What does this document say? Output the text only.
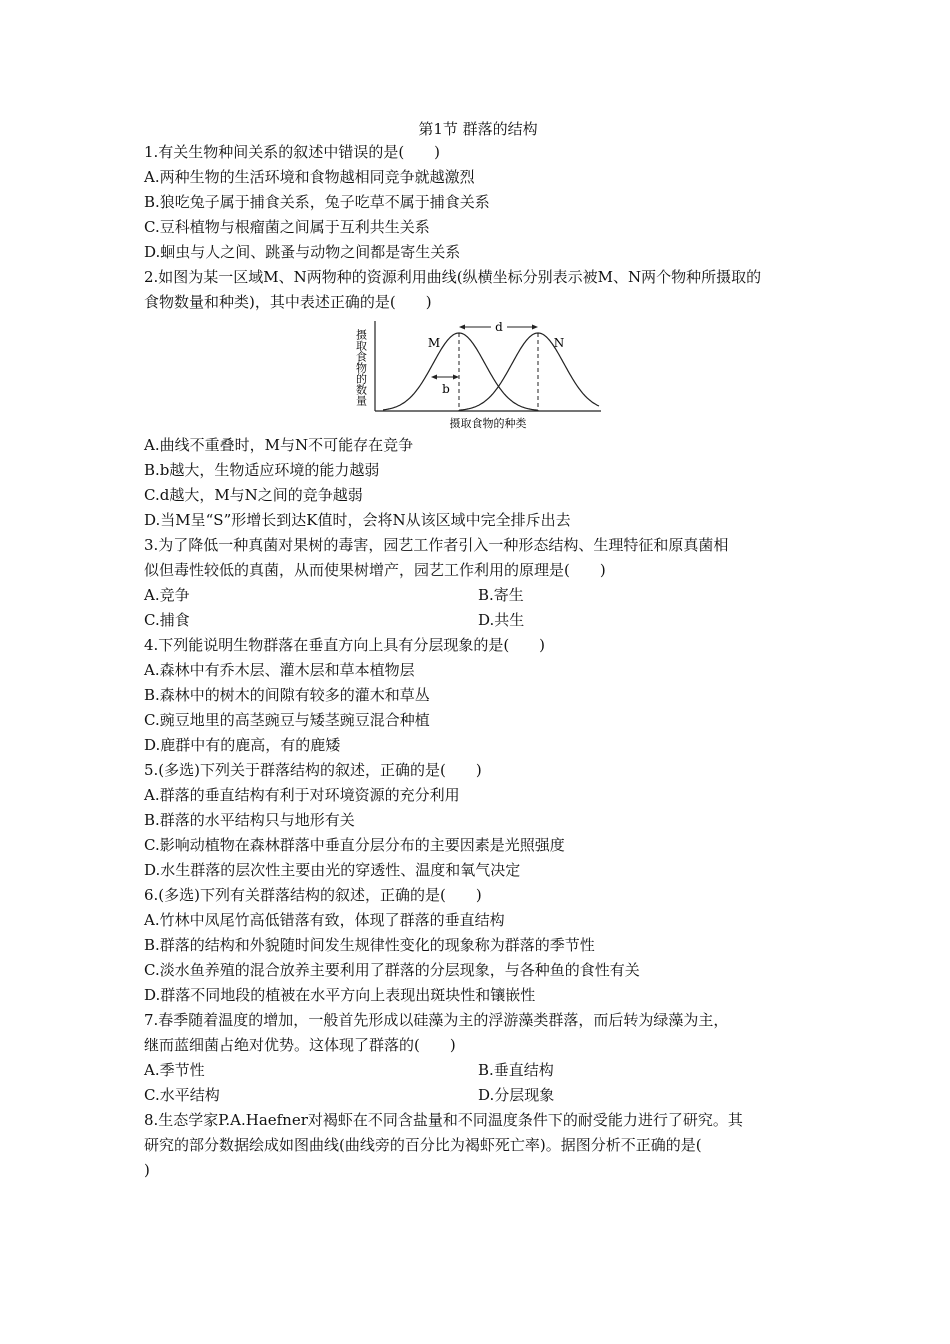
第1节 群落的结构
1.有关生物种间关系的叙述中错误的是(　　)
A.两种生物的生活环境和食物越相同竞争就越激烈
B.狼吃兔子属于捕食关系，兔子吃草不属于捕食关系
C.豆科植物与根瘤菌之间属于互利共生关系
D.蛔虫与人之间、跳蚤与动物之间都是寄生关系
2.如图为某一区域M、N两物种的资源利用曲线(纵横坐标分别表示被M、N两个物种所摄取的
食物数量和种类)，其中表述正确的是(　　)
摄取食物的数量
d
b
M	N
摄取食物的种类
A.曲线不重叠时，M与N不可能存在竞争
B.b越大，生物适应环境的能力越弱
C.d越大，M与N之间的竞争越弱
D.当M呈“S”形增长到达K值时，会将N从该区域中完全排斥出去
3.为了降低一种真菌对果树的毒害，园艺工作者引入一种形态结构、生理特征和原真菌相
似但毒性较低的真菌，从而使果树增产，园艺工作利用的原理是(　　)
A.竞争	B.寄生
C.捕食	D.共生
4.下列能说明生物群落在垂直方向上具有分层现象的是(　　)
A.森林中有乔木层、灌木层和草本植物层
B.森林中的树木的间隙有较多的灌木和草丛
C.豌豆地里的高茎豌豆与矮茎豌豆混合种植
D.鹿群中有的鹿高，有的鹿矮
5.(多选)下列关于群落结构的叙述，正确的是(　　)
A.群落的垂直结构有利于对环境资源的充分利用
B.群落的水平结构只与地形有关
C.影响动植物在森林群落中垂直分层分布的主要因素是光照强度
D.水生群落的层次性主要由光的穿透性、温度和氧气决定
6.(多选)下列有关群落结构的叙述，正确的是(　　)
A.竹林中凤尾竹高低错落有致，体现了群落的垂直结构
B.群落的结构和外貌随时间发生规律性变化的现象称为群落的季节性
C.淡水鱼养殖的混合放养主要利用了群落的分层现象，与各种鱼的食性有关
D.群落不同地段的植被在水平方向上表现出斑块性和镶嵌性
7.春季随着温度的增加，一般首先形成以硅藻为主的浮游藻类群落，而后转为绿藻为主，
继而蓝细菌占绝对优势。这体现了群落的(　　)
A.季节性	B.垂直结构
C.水平结构	D.分层现象
8.生态学家P.A.Haefner对褐虾在不同含盐量和不同温度条件下的耐受能力进行了研究。其
研究的部分数据绘成如图曲线(曲线旁的百分比为褐虾死亡率)。据图分析不正确的是(
)
